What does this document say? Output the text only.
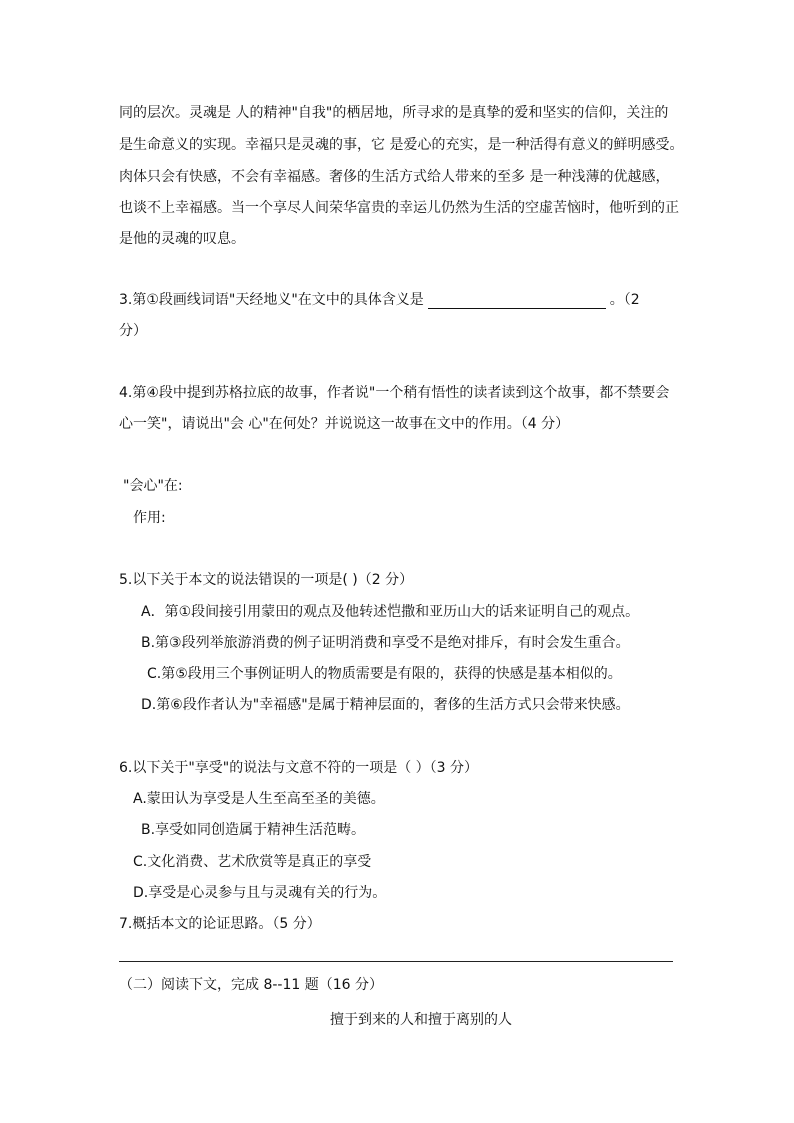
同的层次。灵魂是 人的精神"自我"的栖居地，所寻求的是真挚的爱和坚实的信仰，关注的
是生命意义的实现。幸福只是灵魂的事，它 是爱心的充实，是一种活得有意义的鲜明感受。
肉体只会有快感，不会有幸福感。奢侈的生活方式给人带来的至多 是一种浅薄的优越感，
也谈不上幸福感。当一个享尽人间荣华富贵的幸运儿仍然为生活的空虚苦恼时，他听到的正
是他的灵魂的叹息。
3.第①段画线词语"天经地义"在文中的具体含义是	。（2
分）
4.第④段中提到苏格拉底的故事，作者说"一个稍有悟性的读者读到这个故事，都不禁要会
心一笑"，请说出"会 心"在何处？并说说这一故事在文中的作用。（4 分）
"会心"在:
作用:
5.以下关于本文的说法错误的一项是( )（2 分）
A．第①段间接引用蒙田的观点及他转述恺撒和亚历山大的话来证明自己的观点。
B.第③段列举旅游消费的例子证明消费和享受不是绝对排斥，有时会发生重合。
C.第⑤段用三个事例证明人的物质需要是有限的，获得的快感是基本相似的。
D.第⑥段作者认为"幸福感"是属于精神层面的，奢侈的生活方式只会带来快感。
6.以下关于"享受"的说法与文意不符的一项是（ ）（3 分）
A.蒙田认为享受是人生至高至圣的美德。
B.享受如同创造属于精神生活范畴。
C.文化消费、艺术欣赏等是真正的享受
D.享受是心灵参与且与灵魂有关的行为。
7.概括本文的论证思路。（5 分）
（二）阅读下文，完成 8--11 题（16 分）
擅于到来的人和擅于离别的人
